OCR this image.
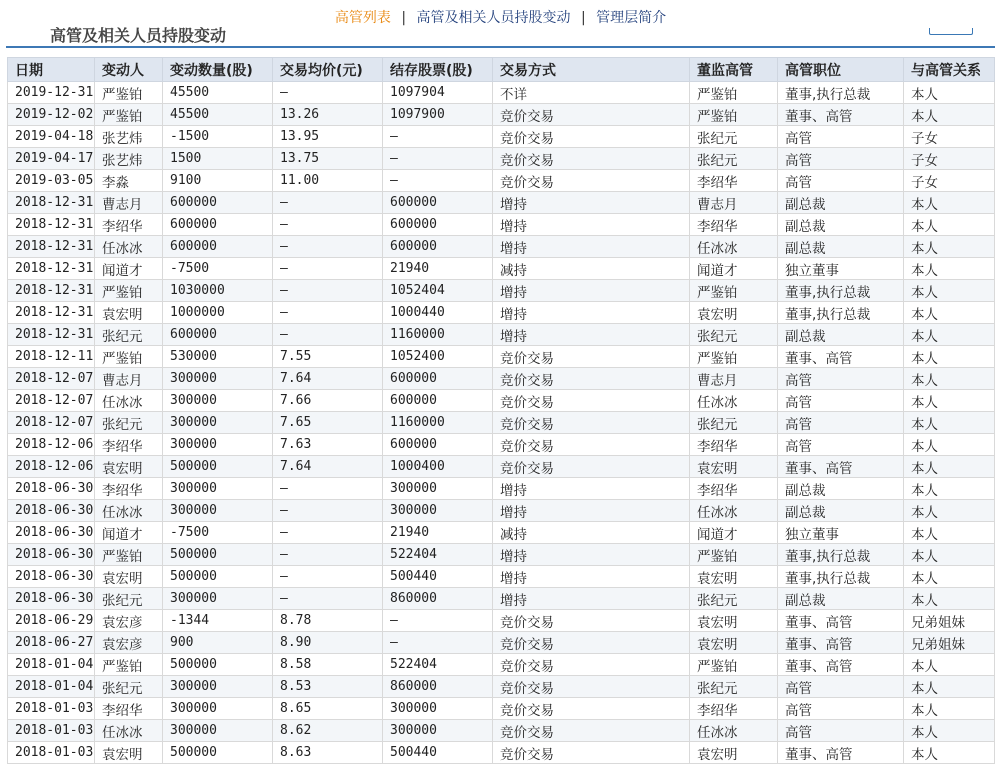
高管列表 | 高管及相关人员持股变动 | 管理层简介
高管及相关人员持股变动
日期	变动人	变动数量(股)	交易均价(元)	结存股票(股)	交易方式	董监高管	高管职位	与高管关系
2019-12-31	严鉴铂	45500	—	1097904	不详	严鉴铂	董事,执行总裁	本人
2019-12-02	严鉴铂	45500	13.26	1097900	竞价交易	严鉴铂	董事、高管	本人
2019-04-18	张艺炜	-1500	13.95	—	竞价交易	张纪元	高管	子女
2019-04-17	张艺炜	1500	13.75	—	竞价交易	张纪元	高管	子女
2019-03-05	李淼	9100	11.00	—	竞价交易	李绍华	高管	子女
2018-12-31	曹志月	600000	—	600000	增持	曹志月	副总裁	本人
2018-12-31	李绍华	600000	—	600000	增持	李绍华	副总裁	本人
2018-12-31	任冰冰	600000	—	600000	增持	任冰冰	副总裁	本人
2018-12-31	闻道才	-7500	—	21940	减持	闻道才	独立董事	本人
2018-12-31	严鉴铂	1030000	—	1052404	增持	严鉴铂	董事,执行总裁	本人
2018-12-31	袁宏明	1000000	—	1000440	增持	袁宏明	董事,执行总裁	本人
2018-12-31	张纪元	600000	—	1160000	增持	张纪元	副总裁	本人
2018-12-11	严鉴铂	530000	7.55	1052400	竞价交易	严鉴铂	董事、高管	本人
2018-12-07	曹志月	300000	7.64	600000	竞价交易	曹志月	高管	本人
2018-12-07	任冰冰	300000	7.66	600000	竞价交易	任冰冰	高管	本人
2018-12-07	张纪元	300000	7.65	1160000	竞价交易	张纪元	高管	本人
2018-12-06	李绍华	300000	7.63	600000	竞价交易	李绍华	高管	本人
2018-12-06	袁宏明	500000	7.64	1000400	竞价交易	袁宏明	董事、高管	本人
2018-06-30	李绍华	300000	—	300000	增持	李绍华	副总裁	本人
2018-06-30	任冰冰	300000	—	300000	增持	任冰冰	副总裁	本人
2018-06-30	闻道才	-7500	—	21940	减持	闻道才	独立董事	本人
2018-06-30	严鉴铂	500000	—	522404	增持	严鉴铂	董事,执行总裁	本人
2018-06-30	袁宏明	500000	—	500440	增持	袁宏明	董事,执行总裁	本人
2018-06-30	张纪元	300000	—	860000	增持	张纪元	副总裁	本人
2018-06-29	袁宏彦	-1344	8.78	—	竞价交易	袁宏明	董事、高管	兄弟姐妹
2018-06-27	袁宏彦	900	8.90	—	竞价交易	袁宏明	董事、高管	兄弟姐妹
2018-01-04	严鉴铂	500000	8.58	522404	竞价交易	严鉴铂	董事、高管	本人
2018-01-04	张纪元	300000	8.53	860000	竞价交易	张纪元	高管	本人
2018-01-03	李绍华	300000	8.65	300000	竞价交易	李绍华	高管	本人
2018-01-03	任冰冰	300000	8.62	300000	竞价交易	任冰冰	高管	本人
2018-01-03	袁宏明	500000	8.63	500440	竞价交易	袁宏明	董事、高管	本人
